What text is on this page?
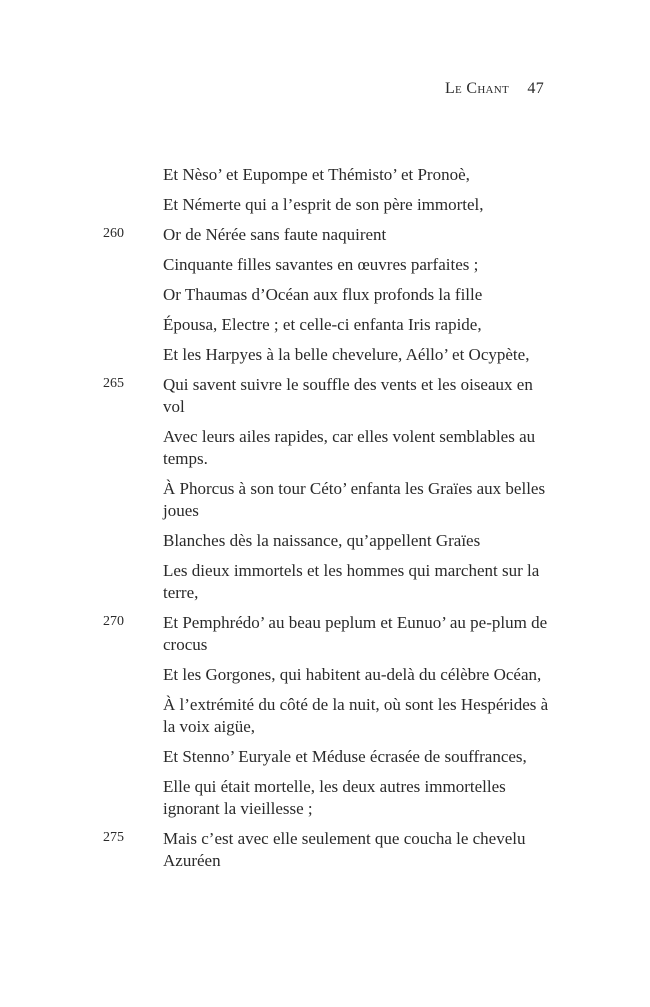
Le Chant 47
Et Nèso’ et Eupompe et Thémisto’ et Pronoè,
Et Némerte qui a l’esprit de son père immortel,
260 Or de Nérée sans faute naquirent
Cinquante filles savantes en œuvres parfaites ;
Or Thaumas d’Océan aux flux profonds la fille
Épousa, Electre ; et celle-ci enfanta Iris rapide,
Et les Harpyes à la belle chevelure, Aéllo’ et Ocypète,
265 Qui savent suivre le souffle des vents et les oiseaux en vol
Avec leurs ailes rapides, car elles volent semblables au temps.
À Phorcus à son tour Céto’ enfanta les Graïes aux belles joues
Blanches dès la naissance, qu’appellent Graïes
Les dieux immortels et les hommes qui marchent sur la terre,
270 Et Pemphrédo’ au beau peplum et Eunuo’ au pe-plum de crocus
Et les Gorgones, qui habitent au-delà du célèbre Océan,
À l’extrémité du côté de la nuit, où sont les Hespérides à la voix aigüe,
Et Stenno’ Euryale et Méduse écrasée de souffrances,
Elle qui était mortelle, les deux autres immortelles ignorant la vieillesse ;
275 Mais c’est avec elle seulement que coucha le chevelu Azuréen
